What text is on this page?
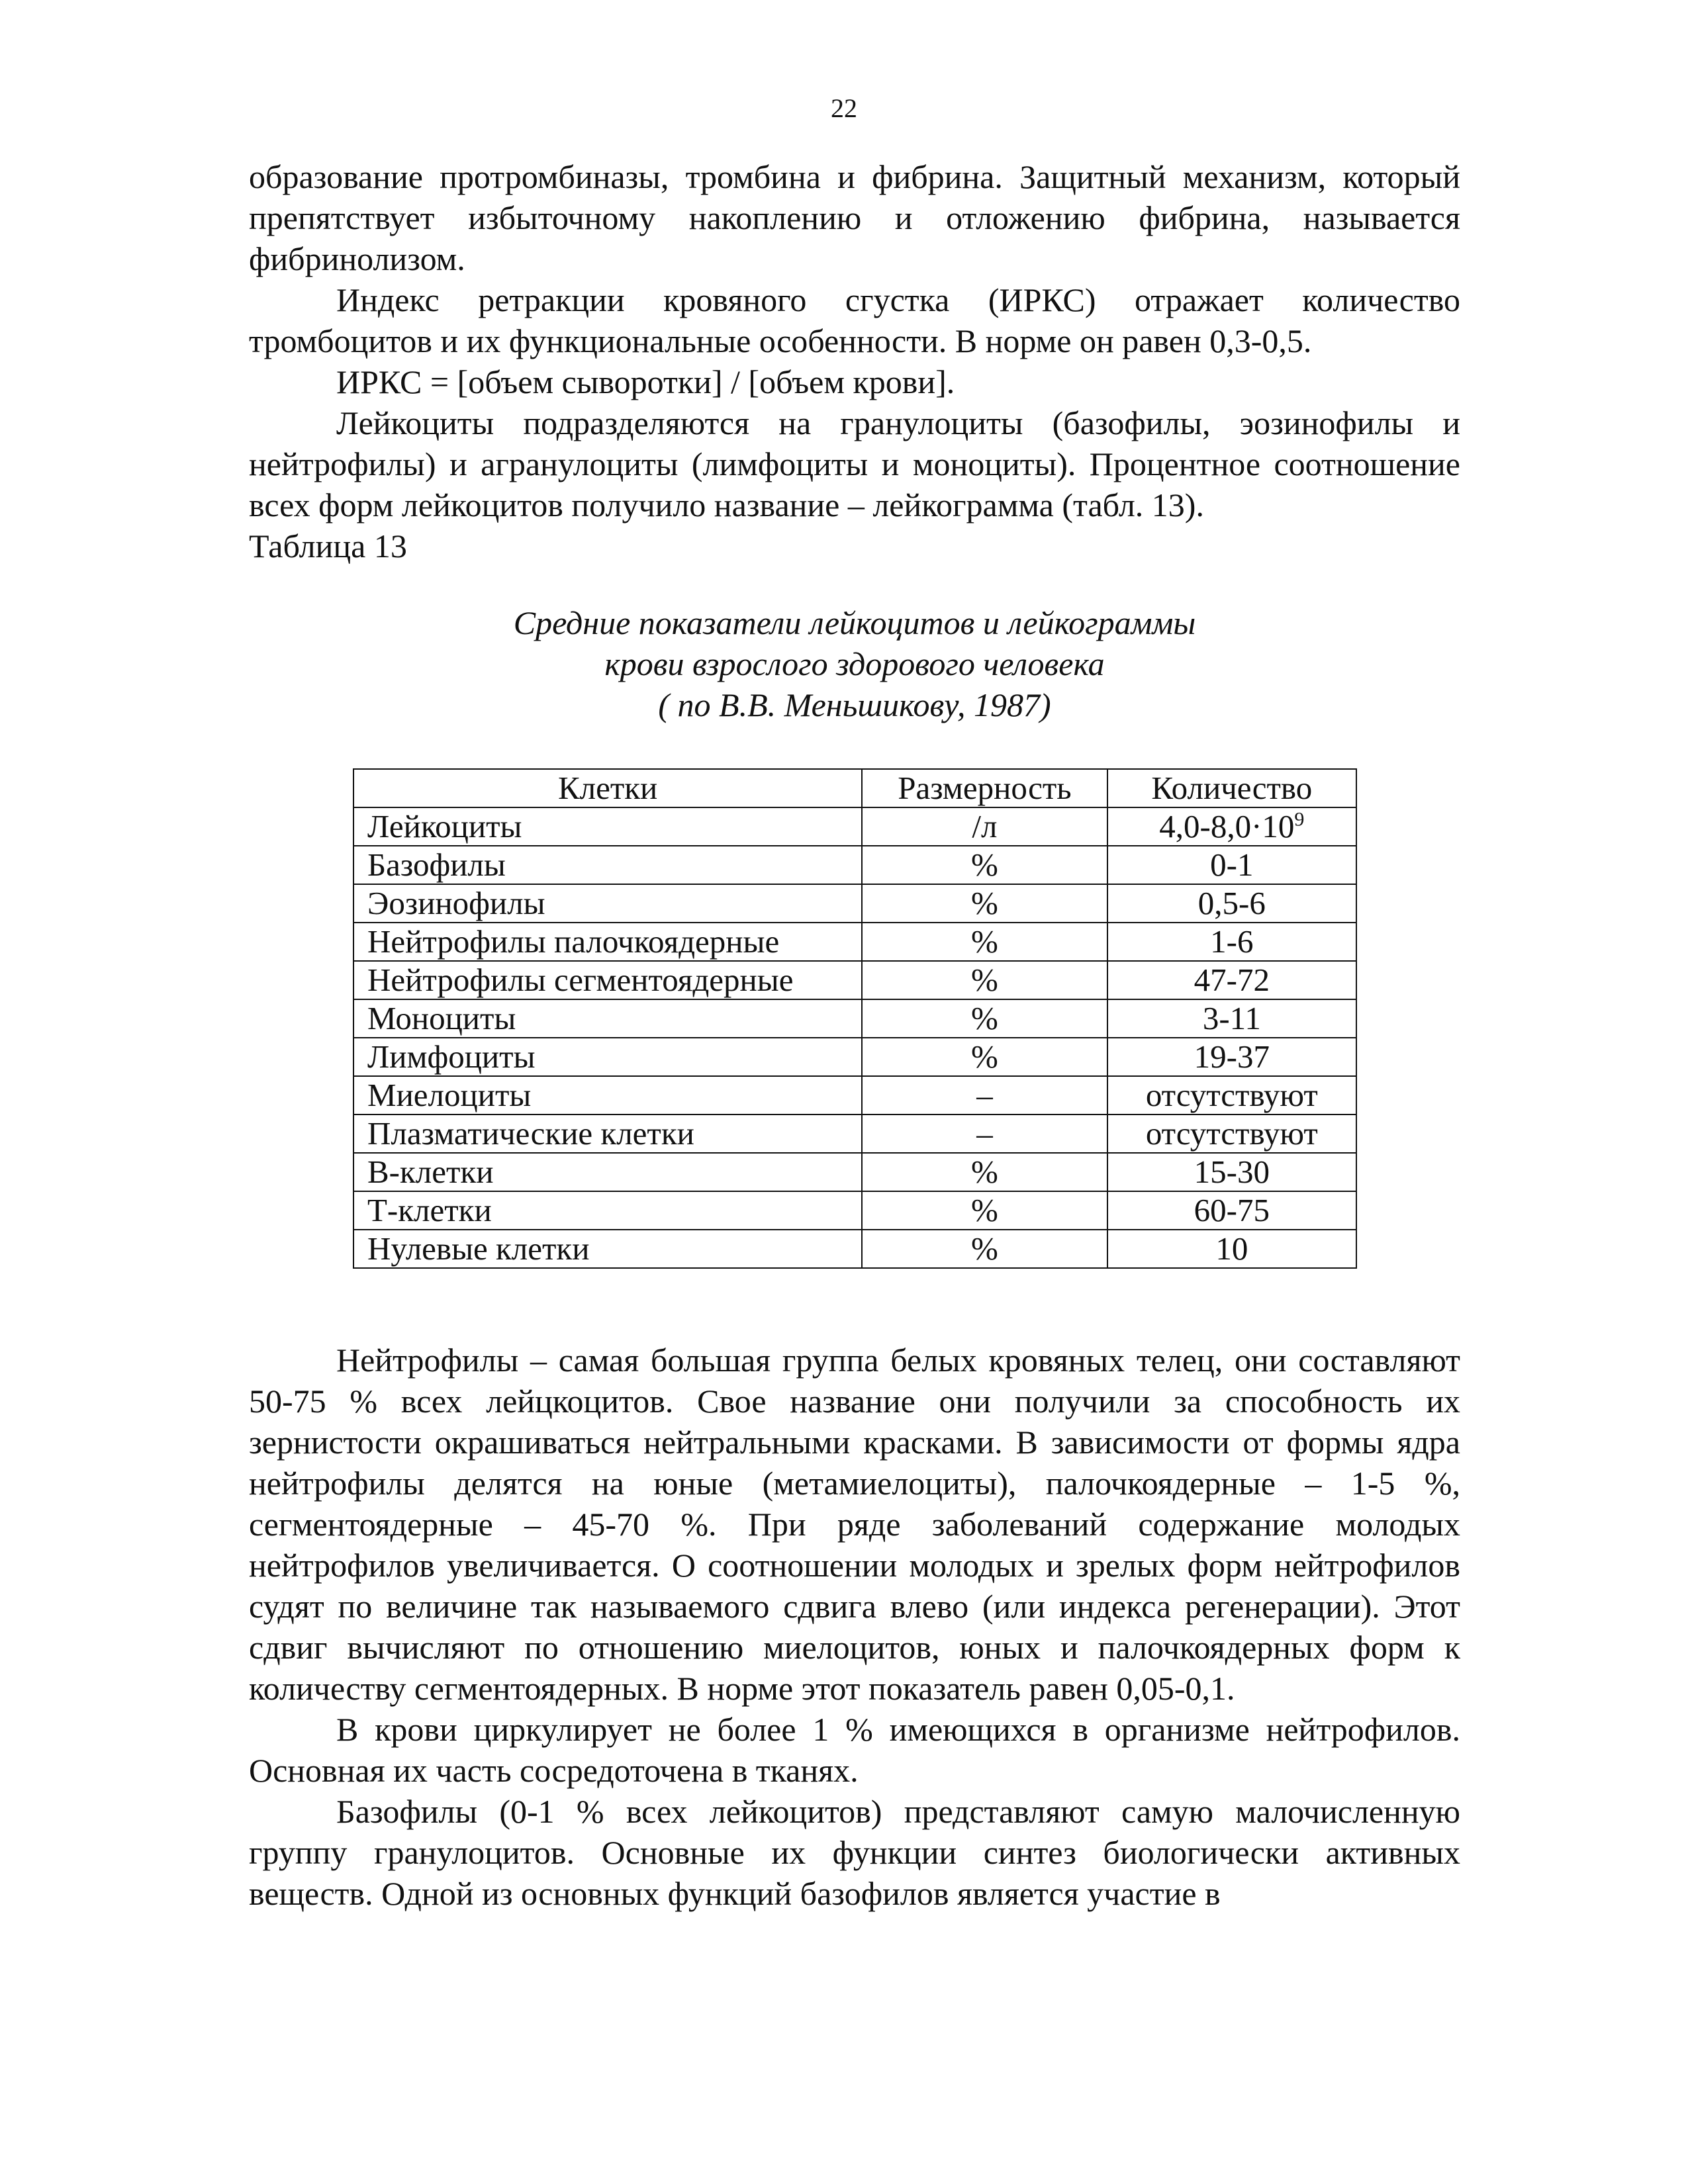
22

образование протромбиназы, тромбина и фибрина. Защитный механизм, который препятствует избыточному накоплению и отложению фибрина, называется фибринолизом.

Индекс ретракции кровяного сгустка (ИРКС) отражает количество тромбоцитов и их функциональные особенности. В норме он равен 0,3-0,5.

ИРКС = [объем сыворотки] / [объем крови].

Лейкоциты подразделяются на гранулоциты (базофилы, эозинофилы и нейтрофилы) и агранулоциты (лимфоциты и моноциты). Процентное соотношение всех форм лейкоцитов получило название – лейкограмма (табл. 13).

Таблица 13

Средние показатели лейкоцитов и лейкограммы
крови взрослого здорового человека
( по В.В. Меньшикову, 1987)
Клетки	Размерность	Количество
Лейкоциты	/л	$4,0-8,0\cdot 10^9$
Базофилы	%	0-1
Эозинофилы	%	0,5-6
Нейтрофилы палочкоядерные	%	1-6
Нейтрофилы сегментоядерные	%	47-72
Моноциты	%	3-11
Лимфоциты	%	19-37
Миелоциты	–	отсутствуют
Плазматические клетки	–	отсутствуют
В-клетки	%	15-30
Т-клетки	%	60-75
Нулевые клетки	%	10

Нейтрофилы – самая большая группа белых кровяных телец, они составляют 50-75 % всех лейцкоцитов. Свое название они получили за способность их зернистости окрашиваться нейтральными красками. В зависимости от формы ядра нейтрофилы делятся на юные (метамиелоциты), палочкоядерные – 1-5 %, сегментоядерные – 45-70 %. При ряде заболеваний содержание молодых нейтрофилов увеличивается. О соотношении молодых и зрелых форм нейтрофилов судят по величине так называемого сдвига влево (или индекса регенерации). Этот сдвиг вычисляют по отношению миелоцитов, юных и палочкоядерных форм к количеству сегментоядерных. В норме этот показатель равен 0,05-0,1.

В крови циркулирует не более 1 % имеющихся в организме нейтрофилов. Основная их часть сосредоточена в тканях.

Базофилы (0-1 % всех лейкоцитов) представляют самую малочисленную группу гранулоцитов. Основные их функции синтез биологически активных веществ. Одной из основных функций базофилов является участие в
